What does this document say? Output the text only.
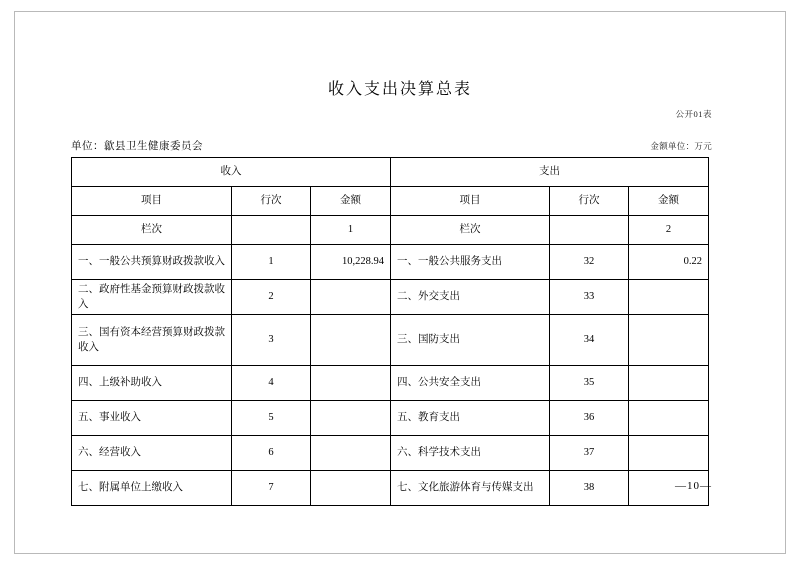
收入支出决算总表
公开01表
单位：歙县卫生健康委员会	金额单位：万元
收入			支出		
项目	行次	金额	项目	行次	金额
栏次		1	栏次		2
一、一般公共预算财政拨款收入	1	10,228.94	一、一般公共服务支出	32	0.22
二、政府性基金预算财政拨款收入	2		二、外交支出	33	
三、国有资本经营预算财政拨款收入	3		三、国防支出	34	
四、上级补助收入	4		四、公共安全支出	35	
五、事业收入	5		五、教育支出	36	
六、经营收入	6		六、科学技术支出	37	
七、附属单位上缴收入	7		七、文化旅游体育与传媒支出	38		—10—
